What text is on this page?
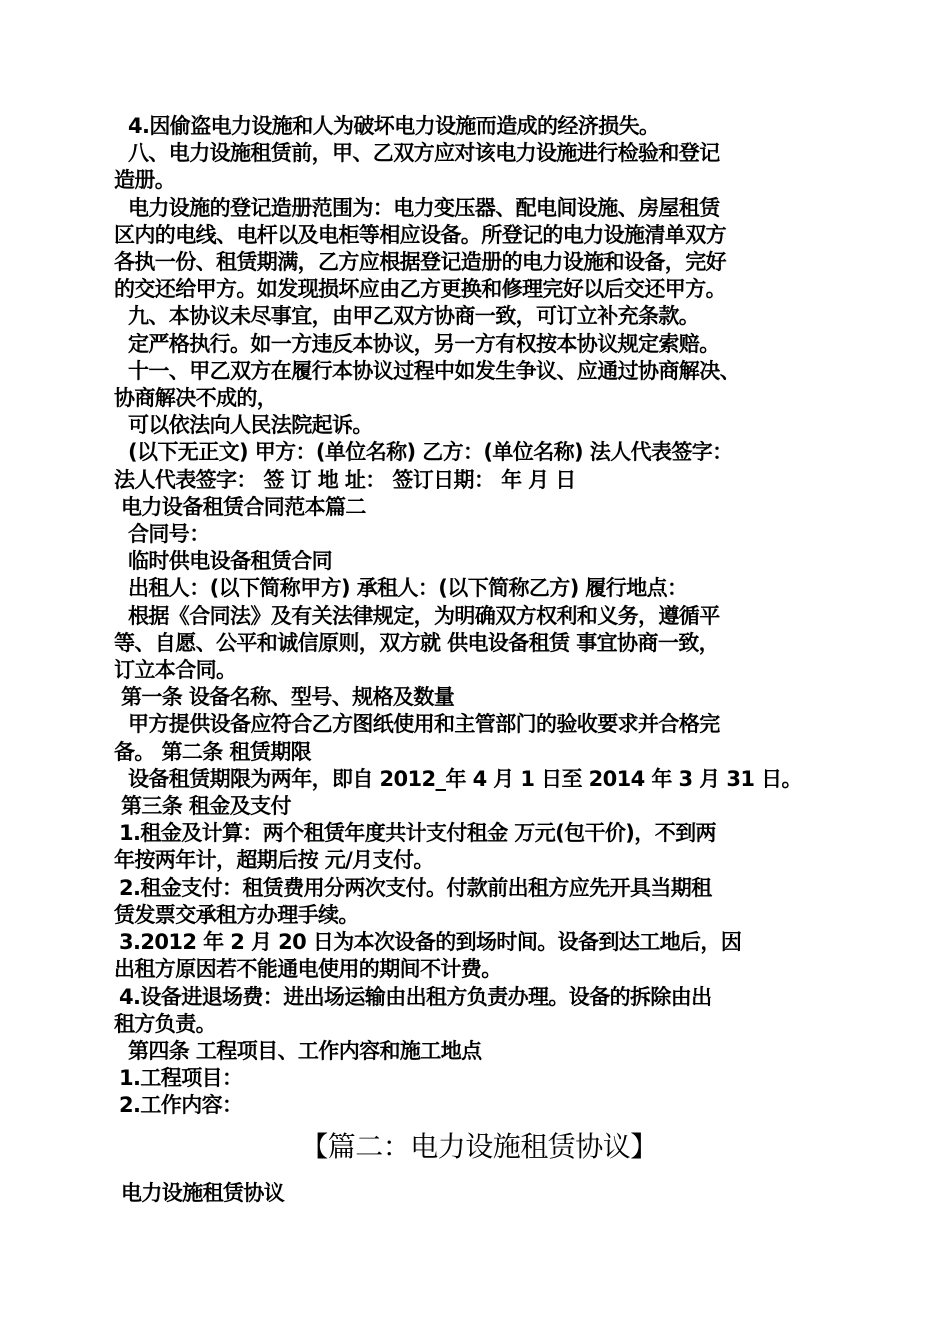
4.因偷盗电力设施和人为破坏电力设施而造成的经济损失。
八、电力设施租赁前，甲、乙双方应对该电力设施进行检验和登记
造册。
电力设施的登记造册范围为：电力变压器、配电间设施、房屋租赁
区内的电线、电杆以及电柜等相应设备。所登记的电力设施清单双方
各执一份、租赁期满，乙方应根据登记造册的电力设施和设备，完好
的交还给甲方。如发现损坏应由乙方更换和修理完好以后交还甲方。
九、本协议未尽事宜，由甲乙双方协商一致，可订立补充条款。
定严格执行。如一方违反本协议，另一方有权按本协议规定索赔。
十一、甲乙双方在履行本协议过程中如发生争议、应通过协商解决、
协商解决不成的，
可以依法向人民法院起诉。
(以下无正文) 甲方：(单位名称) 乙方：(单位名称) 法人代表签字：
法人代表签字： 签 订 地 址： 签订日期： 年 月 日
电力设备租赁合同范本篇二
合同号：
临时供电设备租赁合同
出租人：(以下简称甲方) 承租人：(以下简称乙方) 履行地点：
根据《合同法》及有关法律规定，为明确双方权利和义务，遵循平
等、自愿、公平和诚信原则，双方就 供电设备租赁 事宜协商一致，
订立本合同。
第一条 设备名称、型号、规格及数量
甲方提供设备应符合乙方图纸使用和主管部门的验收要求并合格完
备。 第二条 租赁期限
设备租赁期限为两年，即自 2012_年 4 月 1 日至 2014 年 3 月 31 日。
第三条 租金及支付
1.租金及计算：两个租赁年度共计支付租金 万元(包干价)，不到两
年按两年计，超期后按 元/月支付。
2.租金支付：租赁费用分两次支付。付款前出租方应先开具当期租
赁发票交承租方办理手续。
3.2012 年 2 月 20 日为本次设备的到场时间。设备到达工地后，因
出租方原因若不能通电使用的期间不计费。
4.设备进退场费：进出场运输由出租方负责办理。设备的拆除由出
租方负责。
第四条 工程项目、工作内容和施工地点
1.工程项目：
2.工作内容：
【篇二：电力设施租赁协议】
电力设施租赁协议
